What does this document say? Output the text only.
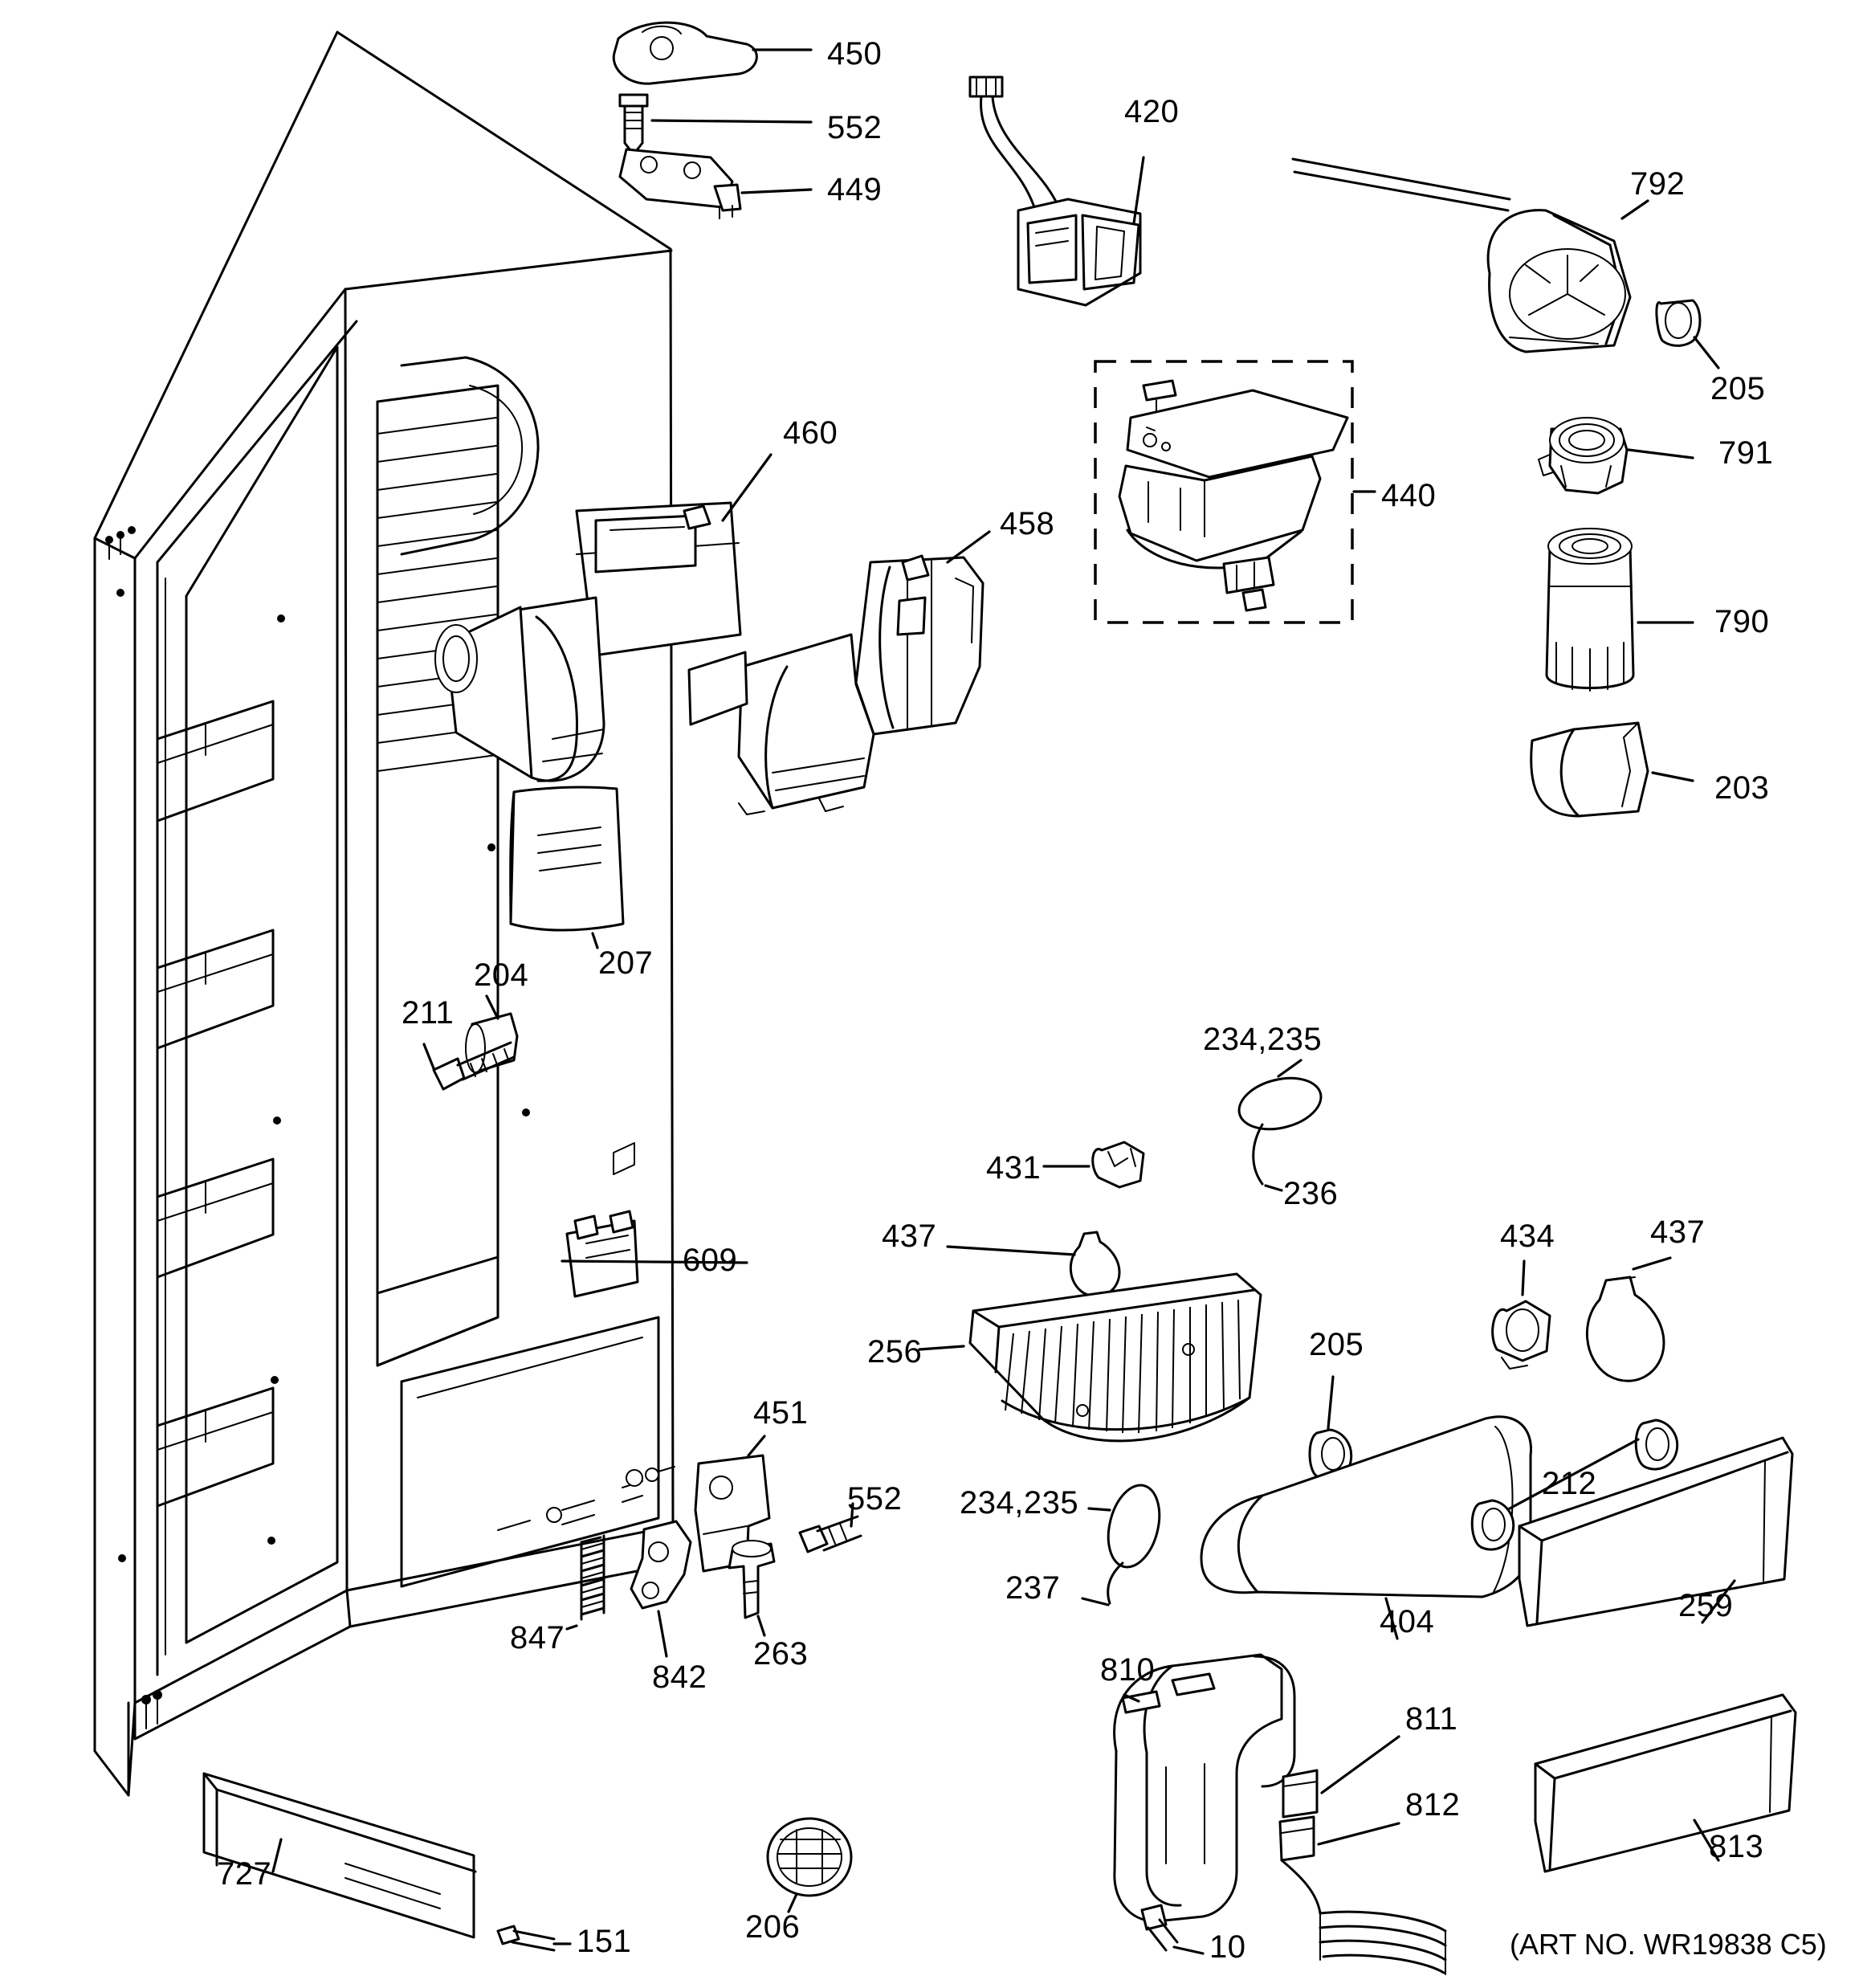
450
552
449
420
792
205
791
790
203
460
440
458
207
204
211
234,235
431
236
437
609
434	437
256	205
451
212
552 234,235
237
404	259
847
842
263	810
811
812
813
727
151	206
10	(ART NO. WR19838 C5)
